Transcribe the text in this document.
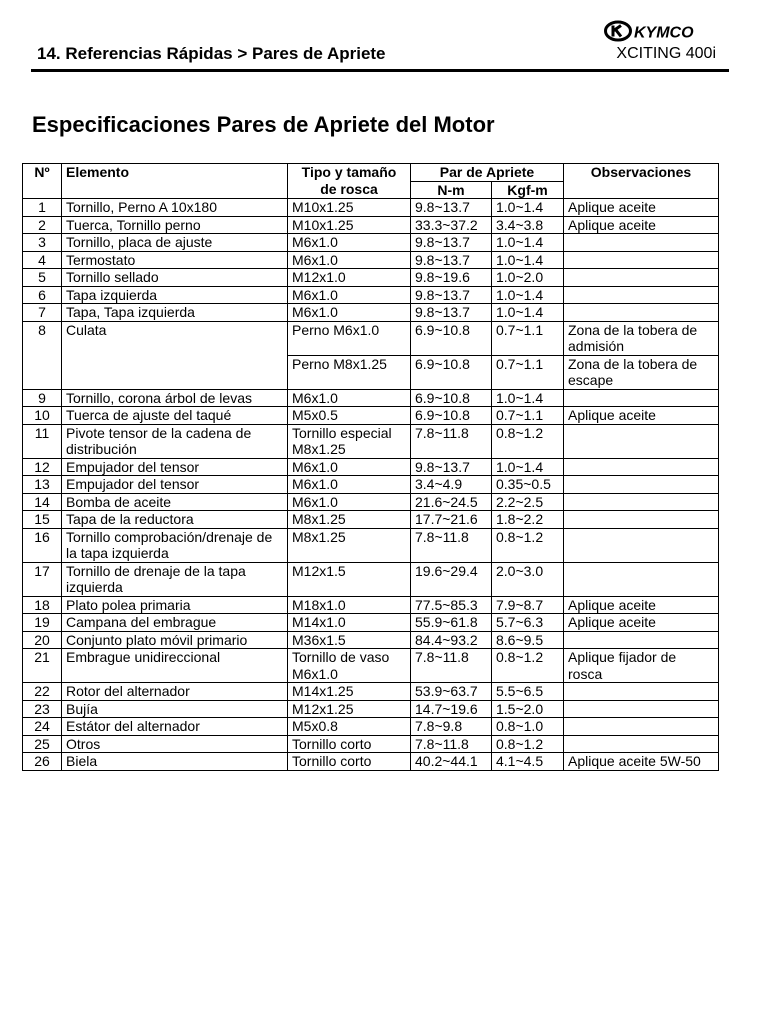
14. Referencias Rápidas > Pares de Apriete
KYMCO
XCITING 400i
Especificaciones Pares de Apriete del Motor
Nº	Elemento	Tipo y tamaño de rosca	Par de Apriete		Observaciones
			N-m	Kgf-m	
1	Tornillo, Perno A 10x180	M10x1.25	9.8~13.7	1.0~1.4	Aplique aceite
2	Tuerca, Tornillo perno	M10x1.25	33.3~37.2	3.4~3.8	Aplique aceite
3	Tornillo, placa de ajuste	M6x1.0	9.8~13.7	1.0~1.4	
4	Termostato	M6x1.0	9.8~13.7	1.0~1.4	
5	Tornillo sellado	M12x1.0	9.8~19.6	1.0~2.0	
6	Tapa izquierda	M6x1.0	9.8~13.7	1.0~1.4	
7	Tapa, Tapa izquierda	M6x1.0	9.8~13.7	1.0~1.4	
8	Culata	Perno M6x1.0	6.9~10.8	0.7~1.1	Zona de la tobera de admisión
		Perno M8x1.25	6.9~10.8	0.7~1.1	Zona de la tobera de escape
9	Tornillo, corona árbol de levas	M6x1.0	6.9~10.8	1.0~1.4	
10	Tuerca de ajuste del taqué	M5x0.5	6.9~10.8	0.7~1.1	Aplique aceite
11	Pivote tensor de la cadena de distribución	Tornillo especial M8x1.25	7.8~11.8	0.8~1.2	
12	Empujador del tensor	M6x1.0	9.8~13.7	1.0~1.4	
13	Empujador del tensor	M6x1.0	3.4~4.9	0.35~0.5	
14	Bomba de aceite	M6x1.0	21.6~24.5	2.2~2.5	
15	Tapa de la reductora	M8x1.25	17.7~21.6	1.8~2.2	
16	Tornillo comprobación/drenaje de la tapa izquierda	M8x1.25	7.8~11.8	0.8~1.2	
17	Tornillo de drenaje de la tapa izquierda	M12x1.5	19.6~29.4	2.0~3.0	
18	Plato polea primaria	M18x1.0	77.5~85.3	7.9~8.7	Aplique aceite
19	Campana del embrague	M14x1.0	55.9~61.8	5.7~6.3	Aplique aceite
20	Conjunto plato móvil primario	M36x1.5	84.4~93.2	8.6~9.5	
21	Embrague unidireccional	Tornillo de vaso M6x1.0	7.8~11.8	0.8~1.2	Aplique fijador de rosca
22	Rotor del alternador	M14x1.25	53.9~63.7	5.5~6.5	
23	Bujía	M12x1.25	14.7~19.6	1.5~2.0	
24	Estátor del alternador	M5x0.8	7.8~9.8	0.8~1.0	
25	Otros	Tornillo corto	7.8~11.8	0.8~1.2	
26	Biela	Tornillo corto	40.2~44.1	4.1~4.5	Aplique aceite 5W-50
